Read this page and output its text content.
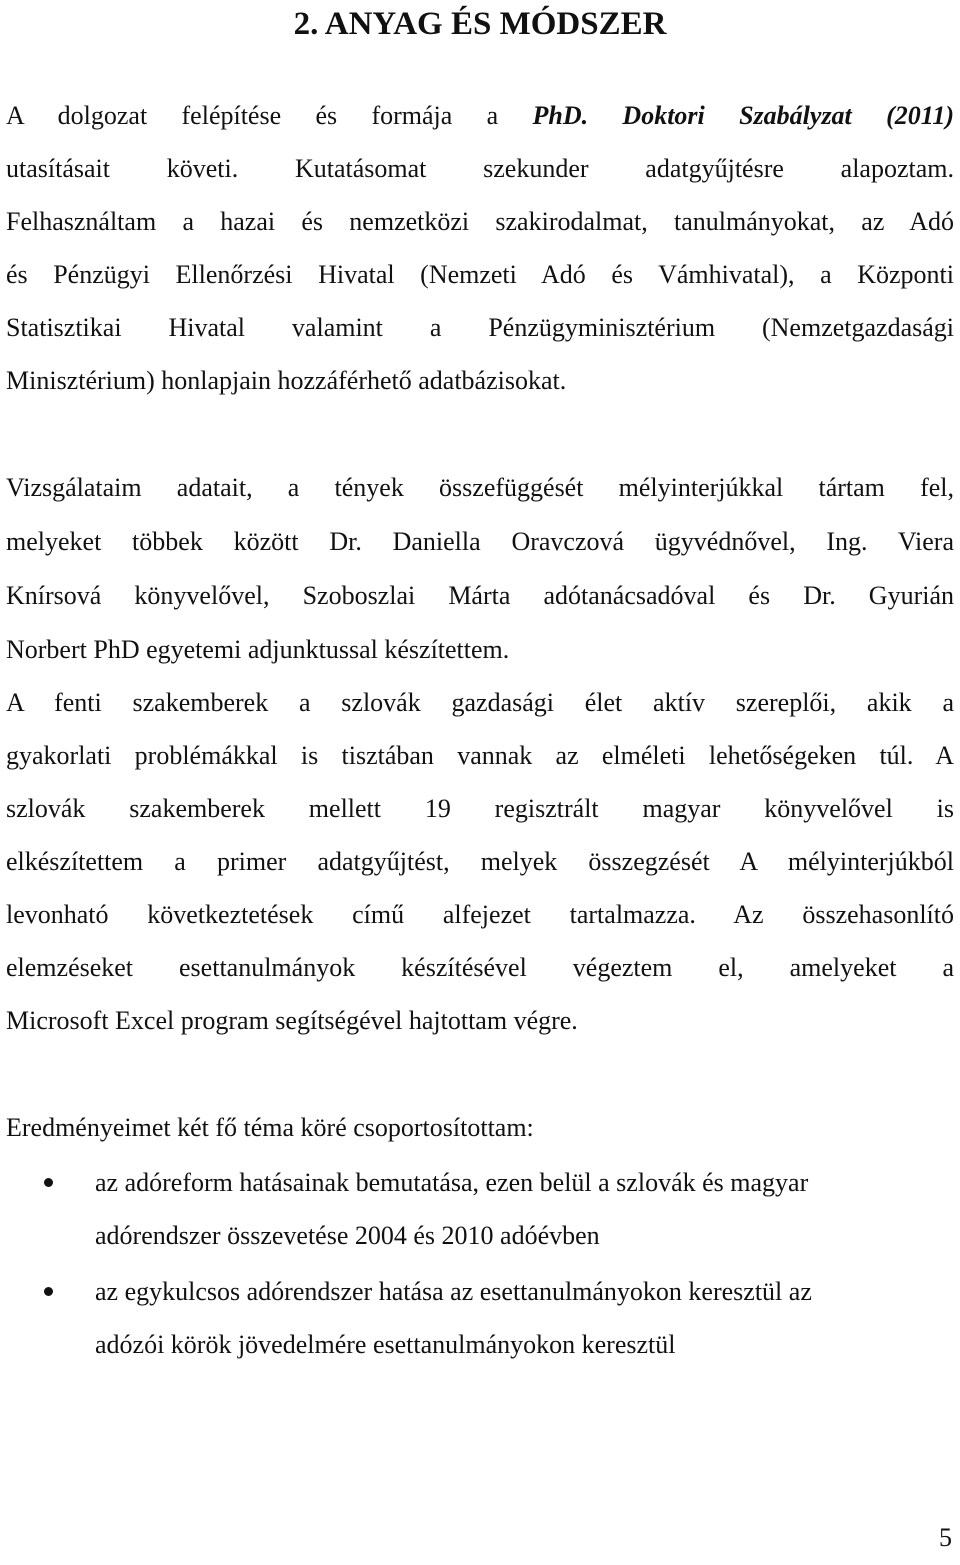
2. ANYAG ÉS MÓDSZER
A dolgozat felépítése és formája a PhD. Doktori Szabályzat (2011)
utasításait követi. Kutatásomat szekunder adatgyűjtésre alapoztam.
Felhasználtam a hazai és nemzetközi szakirodalmat, tanulmányokat, az Adó
és Pénzügyi Ellenőrzési Hivatal (Nemzeti Adó és Vámhivatal), a Központi
Statisztikai Hivatal valamint a Pénzügyminisztérium (Nemzetgazdasági
Minisztérium) honlapjain hozzáférhető adatbázisokat.
Vizsgálataim adatait, a tények összefüggését mélyinterjúkkal tártam fel,
melyeket többek között Dr. Daniella Oravczová ügyvédnővel, Ing. Viera
Knírsová könyvelővel, Szoboszlai Márta adótanácsadóval és Dr. Gyurián
Norbert PhD egyetemi adjunktussal készítettem.
A fenti szakemberek a szlovák gazdasági élet aktív szereplői, akik a
gyakorlati problémákkal is tisztában vannak az elméleti lehetőségeken túl. A
szlovák szakemberek mellett 19 regisztrált magyar könyvelővel is
elkészítettem a primer adatgyűjtést, melyek összegzését A mélyinterjúkból
levonható következtetések című alfejezet tartalmazza. Az összehasonlító
elemzéseket esettanulmányok készítésével végeztem el, amelyeket a
Microsoft Excel program segítségével hajtottam végre.
Eredményeimet két fő téma köré csoportosítottam:
az adóreform hatásainak bemutatása, ezen belül a szlovák és magyar
adórendszer összevetése 2004 és 2010 adóévben
az egykulcsos adórendszer hatása az esettanulmányokon keresztül az
adózói körök jövedelmére esettanulmányokon keresztül
5
